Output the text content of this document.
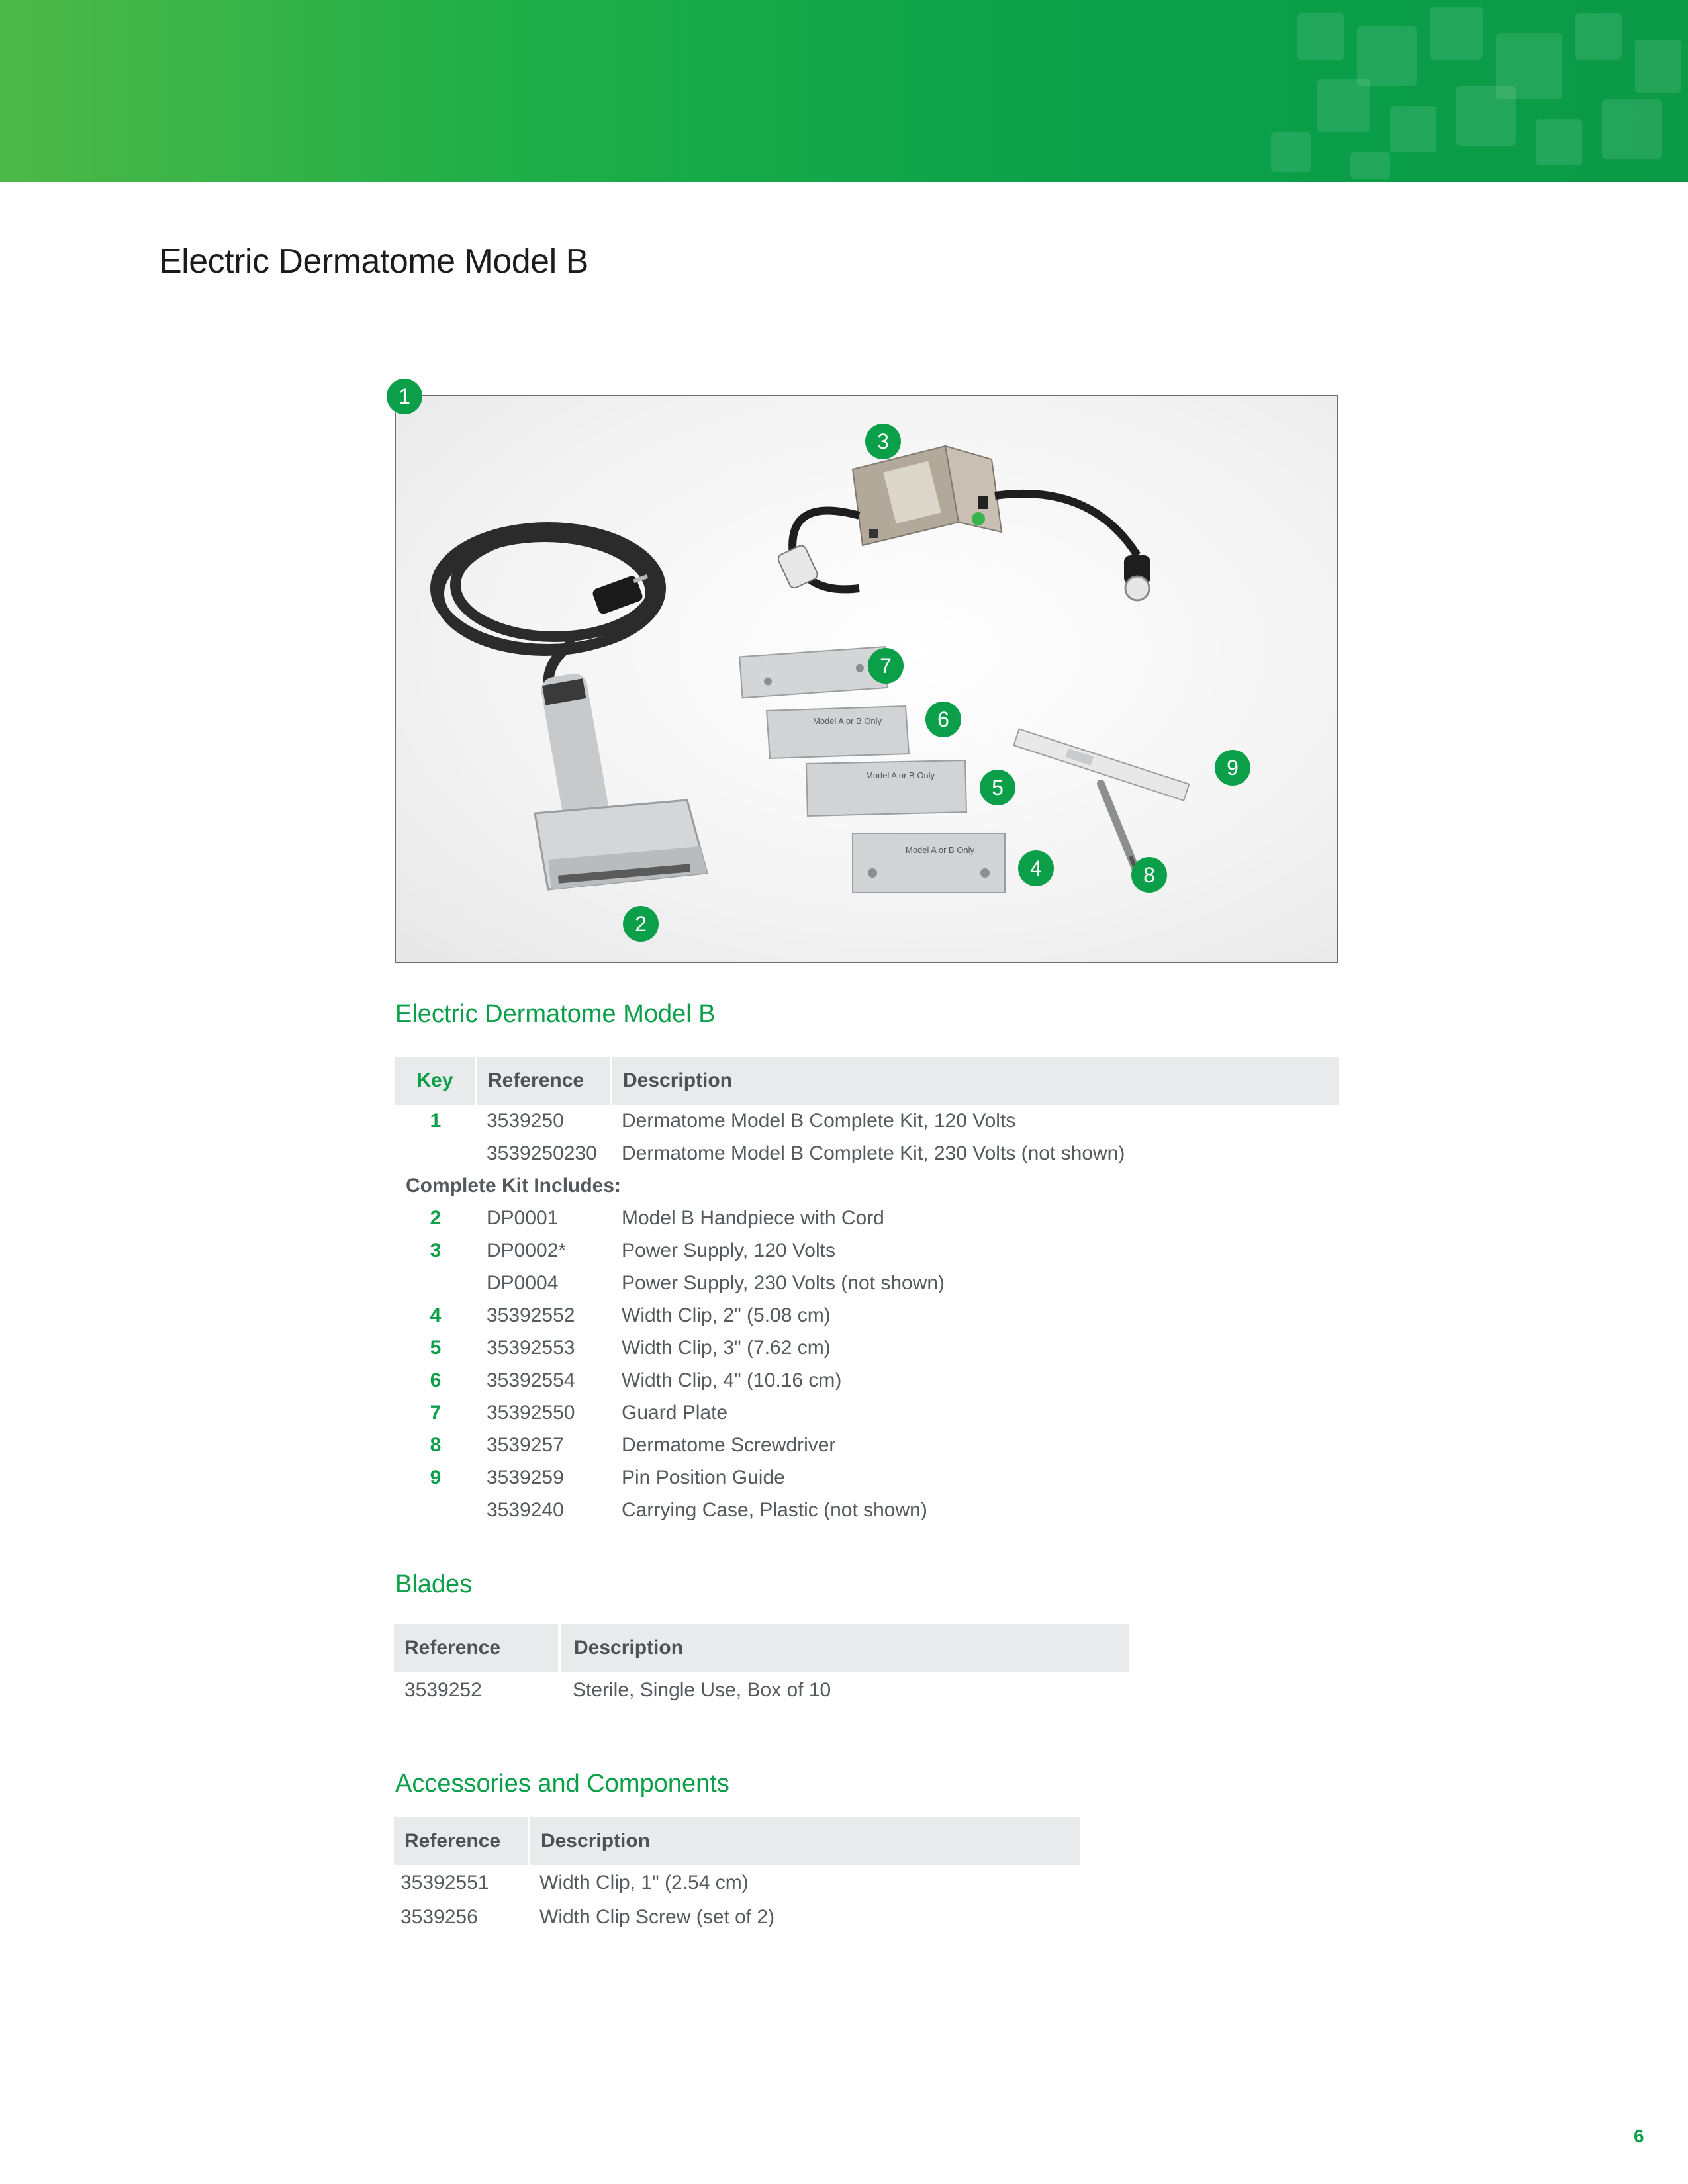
Electric Dermatome Model B
Model A or B Only
Model A or B Only
Model A or B Only
1
2
3
4
5
6
7
8
9
Electric Dermatome Model B
Key	Reference	Description
1	3539250	Dermatome Model B Complete Kit, 120 Volts
	3539250230	Dermatome Model B Complete Kit, 230 Volts (not shown)
Complete Kit Includes:		
2	DP0001	Model B Handpiece with Cord
3	DP0002*	Power Supply, 120 Volts
	DP0004	Power Supply, 230 Volts (not shown)
4	35392552	Width Clip, 2" (5.08 cm)
5	35392553	Width Clip, 3" (7.62 cm)
6	35392554	Width Clip, 4" (10.16 cm)
7	35392550	Guard Plate
8	3539257	Dermatome Screwdriver
9	3539259	Pin Position Guide
	3539240	Carrying Case, Plastic (not shown)
Blades
Reference	Description
3539252	Sterile, Single Use, Box of 10
Accessories and Components
Reference	Description
35392551	Width Clip, 1" (2.54 cm)
3539256	Width Clip Screw (set of 2)
6
